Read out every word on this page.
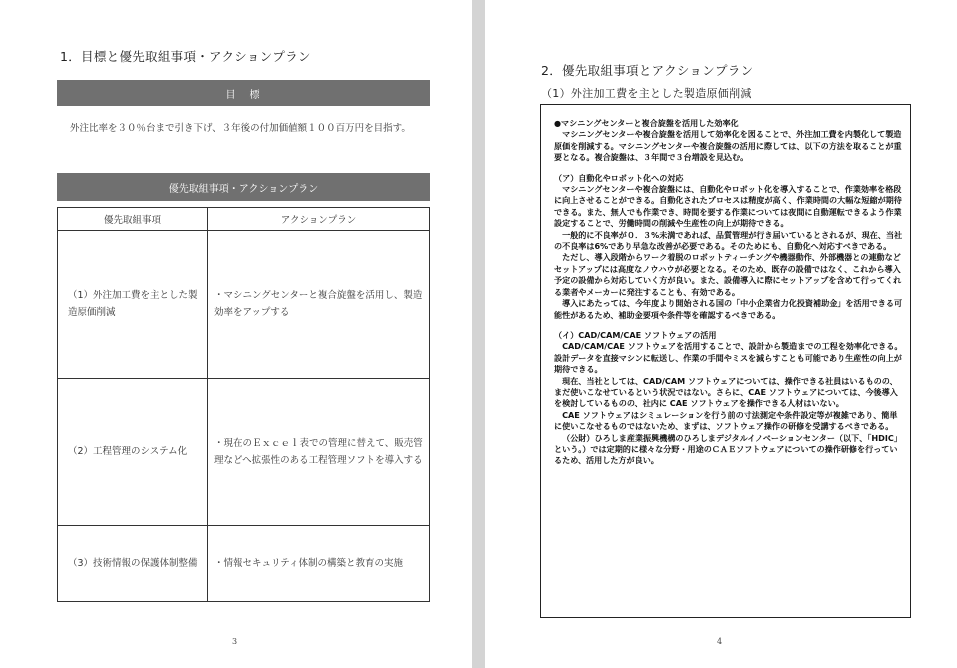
1．目標と優先取組事項・アクションプラン
目　標
外注比率を３０％台まで引き下げ、３年後の付加価値額１００百万円を目指す。
優先取組事項・アクションプラン
優先取組事項	アクションプラン
（1）外注加工費を主とした製造原価削減	・マシニングセンターと複合旋盤を活用し、製造効率をアップする
（2）工程管理のシステム化	・現在のＥｘｃｅｌ表での管理に替えて、販売管理などへ拡張性のある工程管理ソフトを導入する
（3）技術情報の保護体制整備	・情報セキュリティ体制の構築と教育の実施
3
2．優先取組事項とアクションプラン
（1）外注加工費を主とした製造原価削減

●マシニングセンターと複合旋盤を活用した効率化

マシニングセンターや複合旋盤を活用して効率化を図ることで、外注加工費を内製化して製造原価を削減する。マシニングセンターや複合旋盤の活用に際しては、以下の方法を取ることが重要となる。複合旋盤は、３年間で３台増設を見込む。

（ア）自動化やロボット化への対応

マシニングセンターや複合旋盤には、自動化やロボット化を導入することで、作業効率を格段に向上させることができる。自動化されたプロセスは精度が高く、作業時間の大幅な短縮が期待できる。また、無人でも作業でき、時間を要する作業については夜間に自動運転できるよう作業設定することで、労働時間の削減や生産性の向上が期待できる。

一般的に不良率が０．３%未満であれば、品質管理が行き届いているとされるが、現在、当社の不良率は6%であり早急な改善が必要である。そのためにも、自動化へ対応すべきである。

ただし、導入段階からワーク着脱のロボットティーチングや機器動作、外部機器との連動などセットアップには高度なノウハウが必要となる。そのため、既存の設備ではなく、これから導入予定の設備から対応していく方が良い。また、設備導入に際にセットアップを含めて行ってくれる業者やメーカーに発注することも、有効である。

導入にあたっては、今年度より開始される国の「中小企業省力化投資補助金」を活用できる可能性があるため、補助金要項や条件等を確認するべきである。

（イ）CAD/CAM/CAE ソフトウェアの活用

CAD/CAM/CAE ソフトウェアを活用することで、設計から製造までの工程を効率化できる。設計データを直接マシンに転送し、作業の手間やミスを減らすことも可能であり生産性の向上が期待できる。

現在、当社としては、CAD/CAM ソフトウェアについては、操作できる社員はいるものの、まだ使いこなせているという状況ではない。さらに、CAE ソフトウェアについては、今後導入を検討しているものの、社内に CAE ソフトウェアを操作できる人材はいない。

CAE ソフトウェアはシミュレーションを行う前の寸法測定や条件設定等が複雑であり、簡単に使いこなせるものではないため、まずは、ソフトウェア操作の研修を受講するべきである。

（公財）ひろしま産業振興機構のひろしまデジタルイノベーションセンター（以下、「HDIC」という。）では定期的に様々な分野・用途のＣＡＥソフトウェアについての操作研修を行っているため、活用した方が良い。

4
